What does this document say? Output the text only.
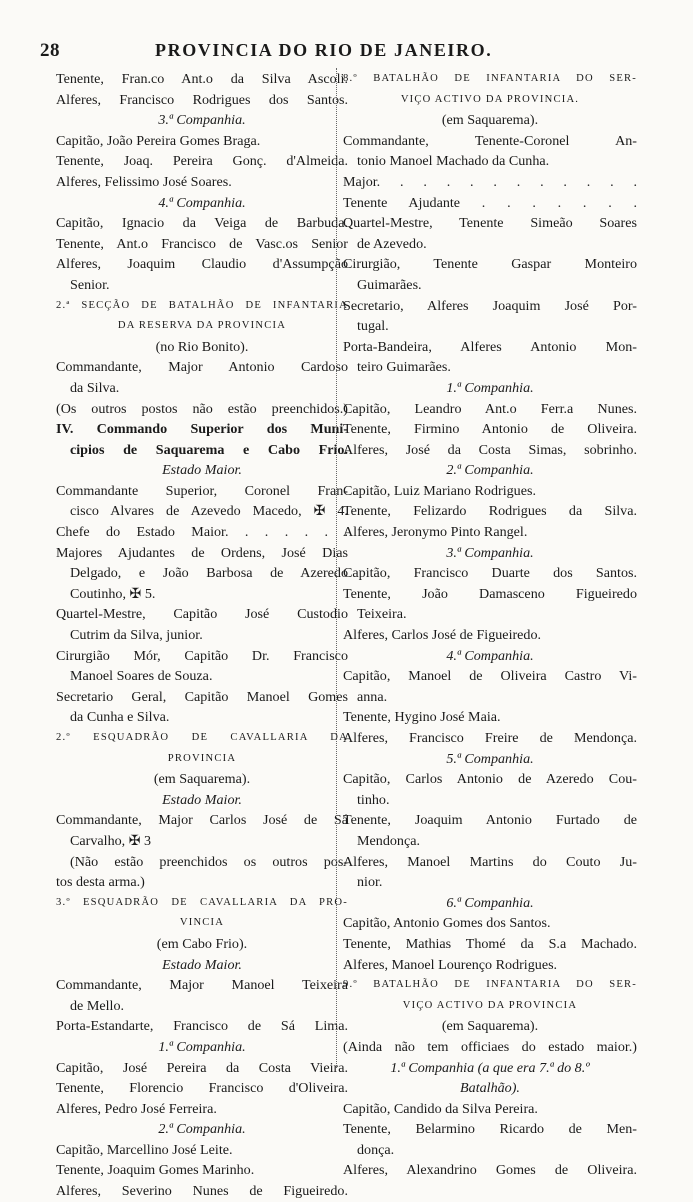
28	PROVINCIA DO RIO DE JANEIRO.
Tenente, Fran.co Ant.o da Silva Ascoli.
Alferes, Francisco Rodrigues dos Santos.
3.ª Companhia.
Capitão, João Pereira Gomes Braga.
Tenente, Joaq. Pereira Gonç. d'Almeida.
Alferes, Felissimo José Soares.
4.ª Companhia.
Capitão, Ignacio da Veiga de Barbuda.
Tenente, Ant.o Francisco de Vasc.os Senior
Alferes, Joaquim Claudio d'Assumpção
Senior.
2.ª SECÇÃO DE BATALHÃO DE INFANTARIA
DA RESERVA DA PROVINCIA
(no Rio Bonito).
Commandante, Major Antonio Cardoso
da Silva.
(Os outros postos não estão preenchidos.)
IV. Commando Superior dos Muni-
cipios de Saquarema e Cabo Frio.
Estado Maior.
Commandante Superior, Coronel Fran-
cisco Alvares de Azevedo Macedo, ✠ 4.
Chefe do Estado Maior. . . . . . .
Majores Ajudantes de Ordens, José Dias
Delgado, e João Barbosa de Azeredo
Coutinho, ✠ 5.
Quartel-Mestre, Capitão José Custodio
Cutrim da Silva, junior.
Cirurgião Mór, Capitão Dr. Francisco
Manoel Soares de Souza.
Secretario Geral, Capitão Manoel Gomes
da Cunha e Silva.
2.º ESQUADRÃO DE CAVALLARIA DA
PROVINCIA
(em Saquarema).
Estado Maior.
Commandante, Major Carlos José de Sá
Carvalho, ✠ 3
(Não estão preenchidos os outros pos-
tos desta arma.)
3.º ESQUADRÃO DE CAVALLARIA DA PRO-
VINCIA
(em Cabo Frio).
Estado Maior.
Commandante, Major Manoel Teixeira
de Mello.
Porta-Estandarte, Francisco de Sá Lima.
1.ª Companhia.
Capitão, José Pereira da Costa Vieira.
Tenente, Florencio Francisco d'Oliveira.
Alferes, Pedro José Ferreira.
2.ª Companhia.
Capitão, Marcellino José Leite.
Tenente, Joaquim Gomes Marinho.
Alferes, Severino Nunes de Figueiredo.
8.º BATALHÃO DE INFANTARIA DO SER-
VIÇO ACTIVO DA PROVINCIA.
(em Saquarema).
Commandante, Tenente-Coronel An-
tonio Manoel Machado da Cunha.
Major. . . . . . . . . . . .
Tenente Ajudante . . . . . . .
Quartel-Mestre, Tenente Simeão Soares
de Azevedo.
Cirurgião, Tenente Gaspar Monteiro
Guimarães.
Secretario, Alferes Joaquim José Por-
tugal.
Porta-Bandeira, Alferes Antonio Mon-
teiro Guimarães.
1.ª Companhia.
Capitão, Leandro Ant.o Ferr.a Nunes.
Tenente, Firmino Antonio de Oliveira.
Alferes, José da Costa Simas, sobrinho.
2.ª Companhia.
Capitão, Luiz Mariano Rodrigues.
Tenente, Felizardo Rodrigues da Silva.
Alferes, Jeronymo Pinto Rangel.
3.ª Companhia.
Capitão, Francisco Duarte dos Santos.
Tenente, João Damasceno Figueiredo
Teixeira.
Alferes, Carlos José de Figueiredo.
4.ª Companhia.
Capitão, Manoel de Oliveira Castro Vi-
anna.
Tenente, Hygino José Maia.
Alferes, Francisco Freire de Mendonça.
5.ª Companhia.
Capitão, Carlos Antonio de Azeredo Cou-
tinho.
Tenente, Joaquim Antonio Furtado de
Mendonça.
Alferes, Manoel Martins do Couto Ju-
nior.
6.ª Companhia.
Capitão, Antonio Gomes dos Santos.
Tenente, Mathias Thomé da S.a Machado.
Alferes, Manoel Lourenço Rodrigues.
9.º BATALHÃO DE INFANTARIA DO SER-
VIÇO ACTIVO DA PROVINCIA
(em Saquarema).
(Ainda não tem officiaes do estado maior.)
1.ª Companhia (a que era 7.ª do 8.º
Batalhão).
Capitão, Candido da Silva Pereira.
Tenente, Belarmino Ricardo de Men-
donça.
Alferes, Alexandrino Gomes de Oliveira.
